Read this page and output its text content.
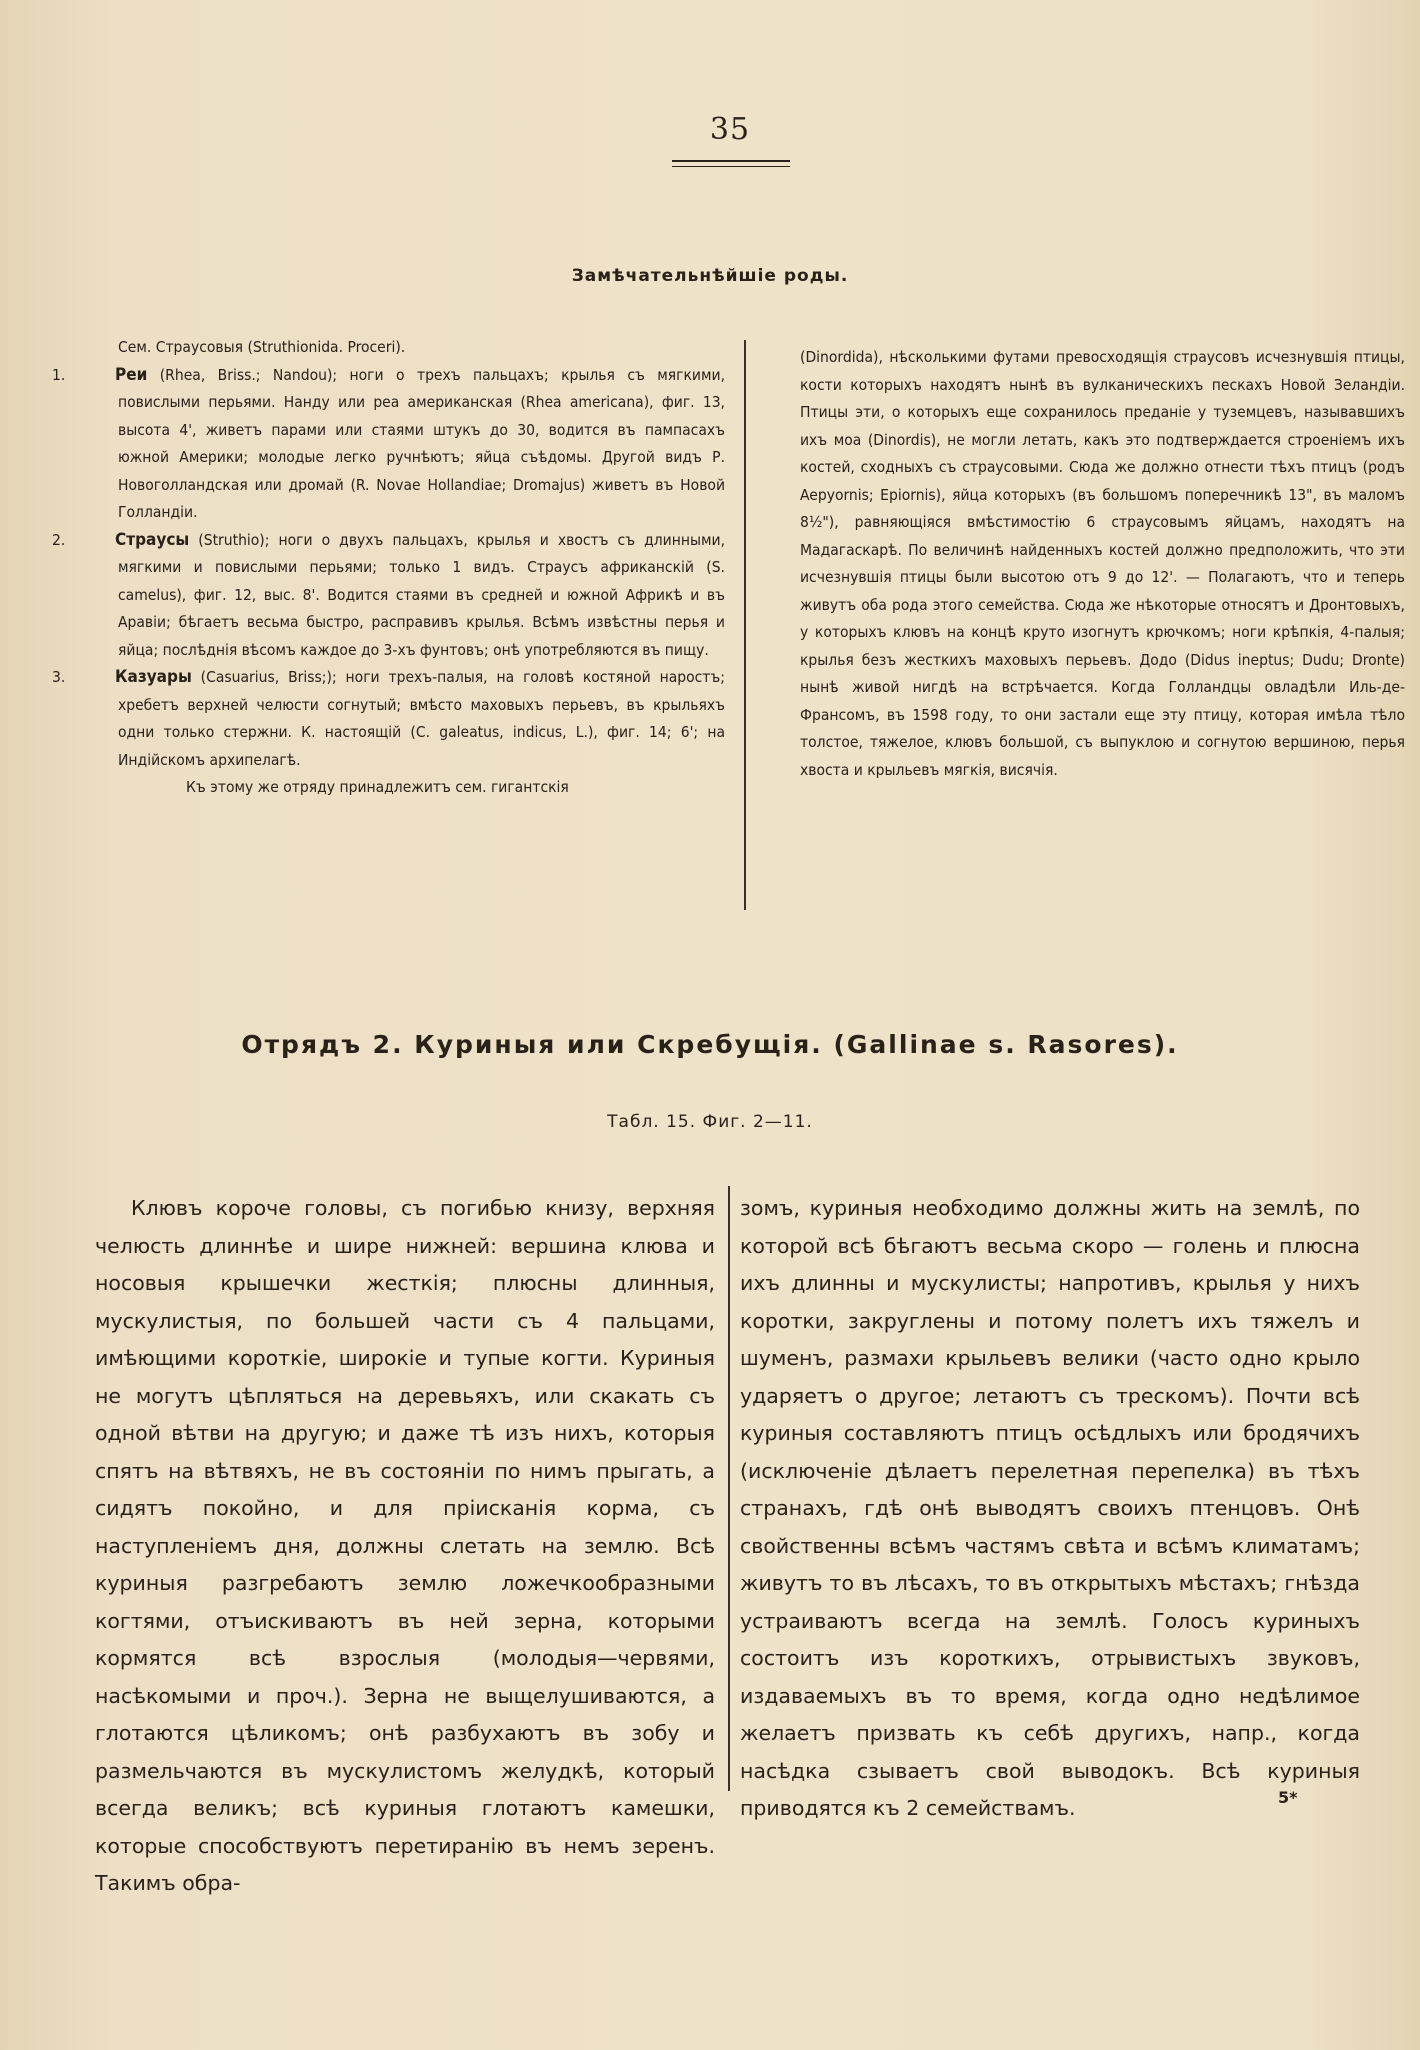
35
Замѣчательнѣйшiе роды.
Сем. Страусовыя (Struthionida. Proceri).
1.	Реи (Rhea, Briss.; Nandou); ноги о трехъ пальцахъ; крылья съ мягкими, повислыми перьями. Нанду или реа американская (Rhea americana), фиг. 13, высота 4', живетъ парами или стаями штукъ до 30, водится въ пампасахъ южной Америки; молодые легко ручнѣютъ; яйца съѣдомы. Другой видъ Р. Новоголландская или дромай (R. Novae Hollandiae; Dromajus) живетъ въ Новой Голландiи.
2.	Страусы (Struthio); ноги о двухъ пальцахъ, крылья и хвостъ съ длинными, мягкими и повислыми перьями; только 1 видъ. Страусъ африканскiй (S. camelus), фиг. 12, выс. 8'. Водится стаями въ средней и южной Африкѣ и въ Аравiи; бѣгаетъ весьма быстро, расправивъ крылья. Всѣмъ извѣстны перья и яйца; послѣднiя вѣсомъ каждое до 3-хъ фунтовъ; онѣ употребляются въ пищу.
3.	Казуары (Casuarius, Briss;); ноги трехъ-палыя, на головѣ костяной наростъ; хребетъ верхней челюсти согнутый; вмѣсто маховыхъ перьевъ, въ крыльяхъ одни только стержни. К. настоящiй (C. galeatus, indicus, L.), фиг. 14; 6'; на Индiйскомъ архипелагѣ.
Къ этому же отряду принадлежитъ сем. гигантскiя
(Dinordida), нѣсколькими футами превосходящiя страусовъ исчезнувшiя птицы, кости которыхъ находятъ нынѣ въ вулканическихъ пескахъ Новой Зеландiи. Птицы эти, о которыхъ еще сохранилось преданiе у туземцевъ, называвшихъ ихъ моа (Dinordis), не могли летать, какъ это подтверждается строенiемъ ихъ костей, сходныхъ съ страусовыми. Сюда же должно отнести тѣхъ птицъ (родъ Aepyornis; Epiornis), яйца которыхъ (въ большомъ поперечникѣ 13", въ маломъ 8½"), равняющiяся вмѣстимостiю 6 страусовымъ яйцамъ, находятъ на Мадагаскарѣ. По величинѣ найденныхъ костей должно предположить, что эти исчезнувшiя птицы были высотою отъ 9 до 12'. — Полагаютъ, что и теперь живутъ оба рода этого семейства. Сюда же нѣкоторые относятъ и Дронтовыхъ, у которыхъ клювъ на концѣ круто изогнутъ крючкомъ; ноги крѣпкiя, 4-палыя; крылья безъ жесткихъ маховыхъ перьевъ. Додо (Didus ineptus; Dudu; Dronte) нынѣ живой нигдѣ на встрѣчается. Когда Голландцы овладѣли Иль-де-Франсомъ, въ 1598 году, то они застали еще эту птицу, которая имѣла тѣло толстое, тяжелое, клювъ большой, съ выпуклою и согнутою вершиною, перья хвоста и крыльевъ мягкiя, висячiя.
Отрядъ 2. Куриныя или Скребущiя. (Gallinae s. Rasores).
Табл. 15. Фиг. 2—11.
Клювъ короче головы, съ погибью книзу, верхняя челюсть длиннѣе и шире нижней: вершина клюва и носовыя крышечки жесткiя; плюсны длинныя, мускулистыя, по большей части съ 4 пальцами, имѣющими короткiе, широкiе и тупые когти. Куриныя не могутъ цѣпляться на деревьяхъ, или скакать съ одной вѣтви на другую; и даже тѣ изъ нихъ, которыя спятъ на вѣтвяхъ, не въ состоянiи по нимъ прыгать, а сидятъ покойно, и для прiисканiя корма, съ наступленiемъ дня, должны слетать на землю. Всѣ куриныя разгребаютъ землю ложечкообразными когтями, отъискиваютъ въ ней зерна, которыми кормятся всѣ взрослыя (молодыя—червями, насѣкомыми и проч.). Зерна не выщелушиваются, а глотаются цѣликомъ; онѣ разбухаютъ въ зобу и размельчаются въ мускулистомъ желудкѣ, который всегда великъ; всѣ куриныя глотаютъ камешки, которые способствуютъ перетиранiю въ немъ зеренъ. Такимъ обра-
зомъ, куриныя необходимо должны жить на землѣ, по которой всѣ бѣгаютъ весьма скоро — голень и плюсна ихъ длинны и мускулисты; напротивъ, крылья у нихъ коротки, закруглены и потому полетъ ихъ тяжелъ и шуменъ, размахи крыльевъ велики (часто одно крыло ударяетъ о другое; летаютъ съ трескомъ). Почти всѣ куриныя составляютъ птицъ осѣдлыхъ или бродячихъ (исключенiе дѣлаетъ перелетная перепелка) въ тѣхъ странахъ, гдѣ онѣ выводятъ своихъ птенцовъ. Онѣ свойственны всѣмъ частямъ свѣта и всѣмъ климатамъ; живутъ то въ лѣсахъ, то въ открытыхъ мѣстахъ; гнѣзда устраиваютъ всегда на землѣ. Голосъ куриныхъ состоитъ изъ короткихъ, отрывистыхъ звуковъ, издаваемыхъ въ то время, когда одно недѣлимое желаетъ призвать къ себѣ другихъ, напр., когда насѣдка сзываетъ свой выводокъ. Всѣ куриныя приводятся къ 2 семействамъ.	5*
